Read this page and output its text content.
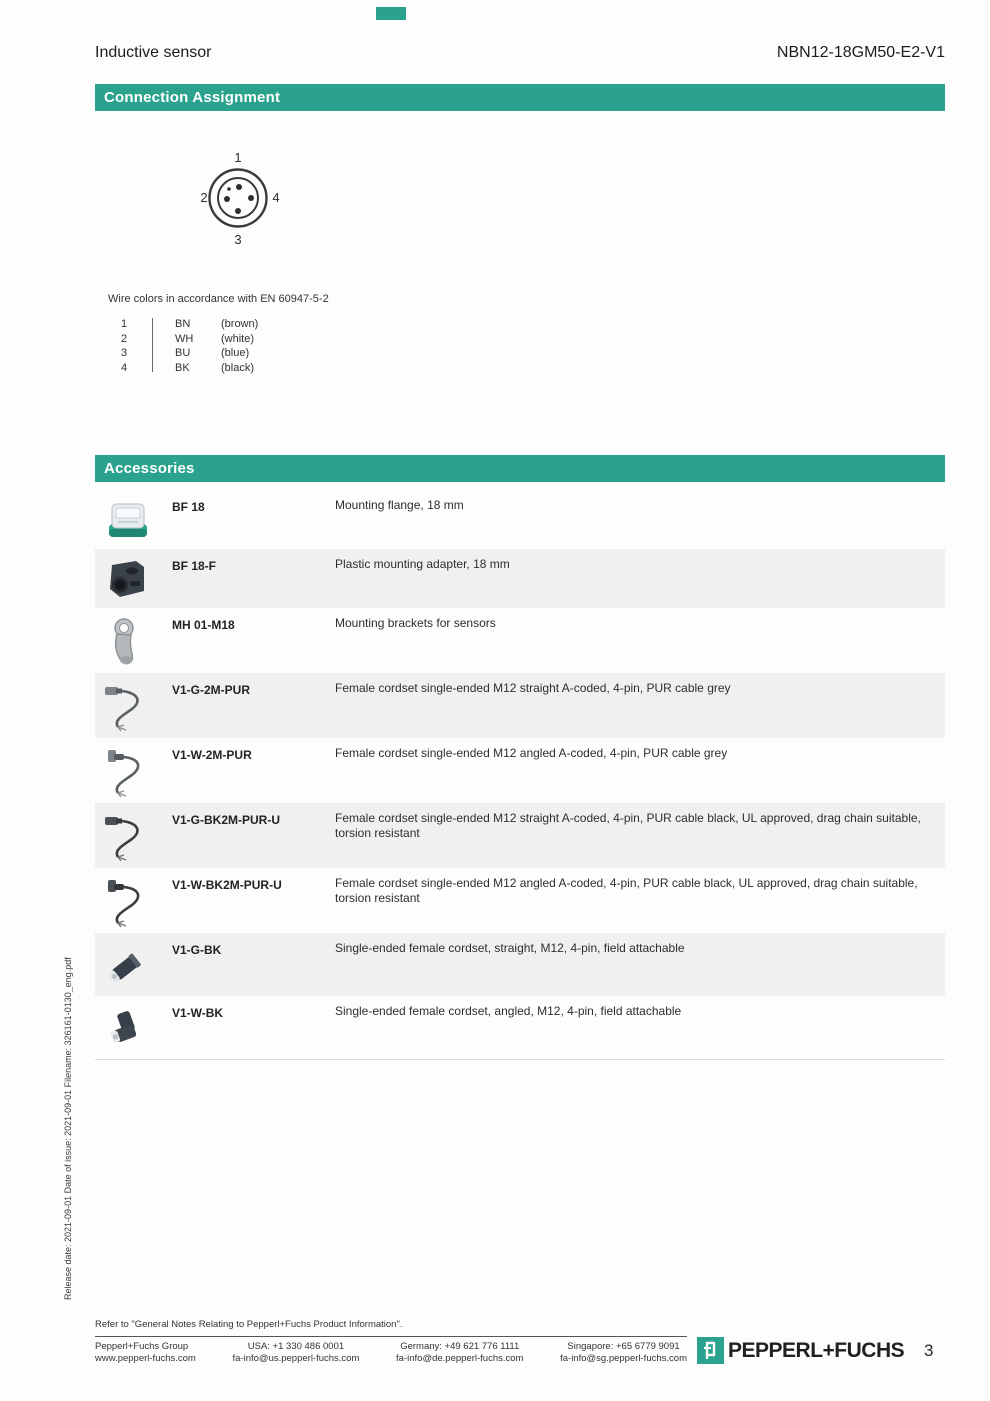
Inductive sensor	NBN12-18GM50-E2-V1
Connection Assignment
1
2	4
3
Wire colors in accordance with EN 60947-5-2
1	BN	(brown)
2	WH	(white)
3	BU	(blue)
4	BK	(black)
Accessories
BF 18	Mounting flange, 18 mm
BF 18-F	Plastic mounting adapter, 18 mm
MH 01-M18	Mounting brackets for sensors
V1-G-2M-PUR	Female cordset single-ended M12 straight A-coded, 4-pin, PUR cable grey
V1-W-2M-PUR	Female cordset single-ended M12 angled A-coded, 4-pin, PUR cable grey
V1-G-BK2M-PUR-U	Female cordset single-ended M12 straight A-coded, 4-pin, PUR cable black, UL approved, drag chain suitable, torsion resistant
V1-W-BK2M-PUR-U	Female cordset single-ended M12 angled A-coded, 4-pin, PUR cable black, UL approved, drag chain suitable, torsion resistant
V1-G-BK	Single-ended female cordset, straight, M12, 4-pin, field attachable
V1-W-BK	Single-ended female cordset, angled, M12, 4-pin, field attachable
Release date: 2021-09-01 Date of issue: 2021-09-01 Filename: 326161-0130_eng.pdf
Refer to "General Notes Relating to Pepperl+Fuchs Product Information".
Pepperl+Fuchs Group
www.pepperl-fuchs.com
USA: +1 330 486 0001
fa-info@us.pepperl-fuchs.com
Germany: +49 621 776 1111
fa-info@de.pepperl-fuchs.com
Singapore: +65 6779 9091
fa-info@sg.pepperl-fuchs.com PEPPERL+FUCHS 3
